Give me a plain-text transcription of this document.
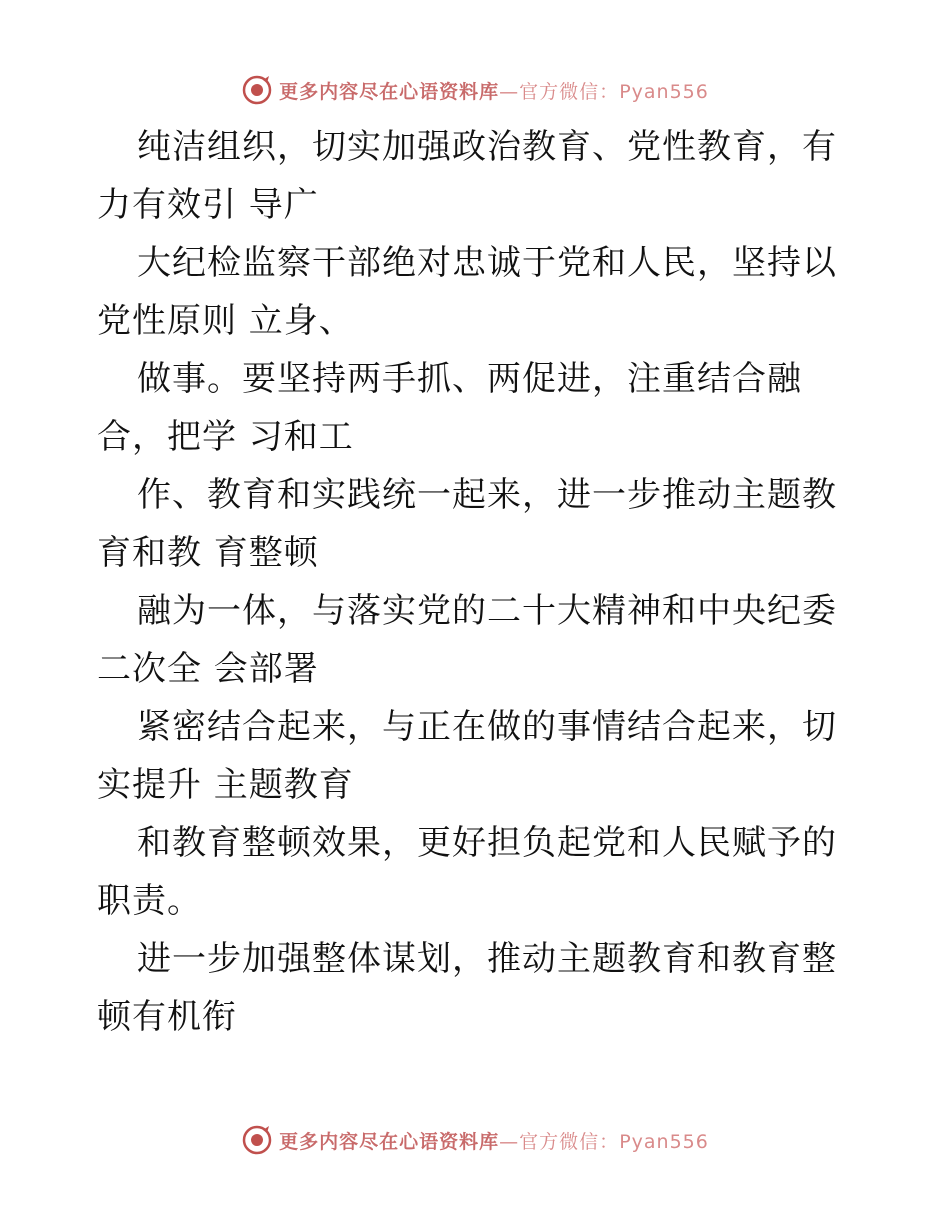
更多内容尽在心语资料库—官方微信：Pyan556

纯洁组织，切实加强政治教育、党性教育，有力有效引 导广

大纪检监察干部绝对忠诚于党和人民，坚持以党性原则 立身、

做事。要坚持两手抓、两促进，注重结合融合，把学 习和工

作、教育和实践统一起来，进一步推动主题教育和教 育整顿

融为一体，与落实党的二十大精神和中央纪委二次全 会部署

紧密结合起来，与正在做的事情结合起来，切实提升 主题教育

和教育整顿效果，更好担负起党和人民赋予的职责。

进一步加强整体谋划，推动主题教育和教育整顿有机衔

更多内容尽在心语资料库—官方微信：Pyan556
